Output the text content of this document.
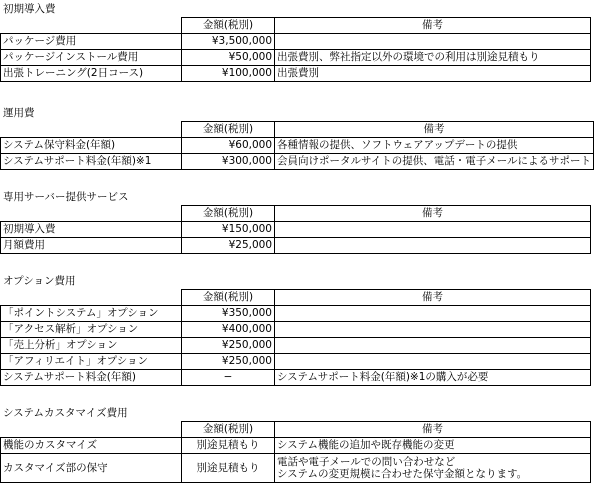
初期導入費
	金額(税別)	備考
パッケージ費用	¥3,500,000	
パッケージインストール費用	¥50,000	出張費別、弊社指定以外の環境での利用は別途見積もり
出張トレーニング(2日コース)	¥100,000	出張費別
運用費
	金額(税別)	備考
システム保守料金(年額)	¥60,000	各種情報の提供、ソフトウェアアップデートの提供
システムサポート料金(年額)※1	¥300,000	会員向けポータルサイトの提供、電話・電子メールによるサポート
専用サーバー提供サービス
	金額(税別)	備考
初期導入費	¥150,000	
月額費用	¥25,000	
オプション費用
	金額(税別)	備考
「ポイントシステム」オプション	¥350,000	
「アクセス解析」オプション	¥400,000	
「売上分析」オプション	¥250,000	
「アフィリエイト」オプション	¥250,000	
システムサポート料金(年額)	−	システムサポート料金(年額)※1の購入が必要
システムカスタマイズ費用
	金額(税別)	備考
機能のカスタマイズ	別途見積もり	システム機能の追加や既存機能の変更
カスタマイズ部の保守	別途見積もり	電話や電子メールでの問い合わせなど
システムの変更規模に合わせた保守金額となります。
